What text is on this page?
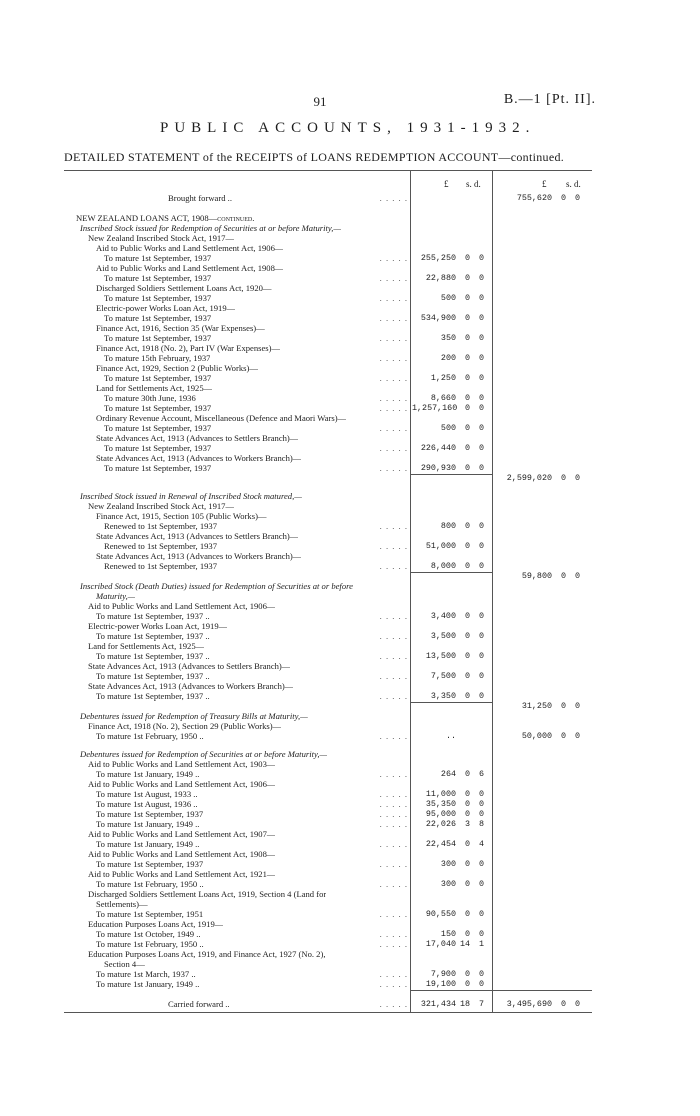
91	B.—1 [Pt. II].
PUBLIC ACCOUNTS, 1931-1932.
DETAILED STATEMENT of the RECEIPTS of LOANS REDEMPTION ACCOUNT—continued.
£ s. d.	£ s. d.
Brought forward ..	. . . . .	755,620 0 0
NEW ZEALAND LOANS ACT, 1908—continued.
Inscribed Stock issued for Redemption of Securities at or before Maturity,—
New Zealand Inscribed Stock Act, 1917—
Aid to Public Works and Land Settlement Act, 1906—
To mature 1st September, 1937	. . . . .	255,250 0 0
Aid to Public Works and Land Settlement Act, 1908—
To mature 1st September, 1937	. . . . .	22,880 0 0
Discharged Soldiers Settlement Loans Act, 1920—
To mature 1st September, 1937	. . . . .	500 0 0
Electric-power Works Loan Act, 1919—
To mature 1st September, 1937	. . . . .	534,900 0 0
Finance Act, 1916, Section 35 (War Expenses)—
To mature 1st September, 1937	. . . . .	350 0 0
Finance Act, 1918 (No. 2), Part IV (War Expenses)—
To mature 15th February, 1937	. . . . .	200 0 0
Finance Act, 1929, Section 2 (Public Works)—
To mature 1st September, 1937	. . . . .	1,250 0 0
Land for Settlements Act, 1925—
To mature 30th June, 1936	. . . . .	8,660 0 0
To mature 1st September, 1937	. . . . . 1,257,160 0 0
Ordinary Revenue Account, Miscellaneous (Defence and Maori Wars)—
To mature 1st September, 1937	. . . . .	500 0 0
State Advances Act, 1913 (Advances to Settlers Branch)—
To mature 1st September, 1937	. . . . .	226,440 0 0
State Advances Act, 1913 (Advances to Workers Branch)—
To mature 1st September, 1937	. . . . .	290,930 0 0
2,599,020 0 0
Inscribed Stock issued in Renewal of Inscribed Stock matured,—
New Zealand Inscribed Stock Act, 1917—
Finance Act, 1915, Section 105 (Public Works)—
Renewed to 1st September, 1937	. . . . .	800 0 0
State Advances Act, 1913 (Advances to Settlers Branch)—
Renewed to 1st September, 1937	. . . . .	51,000 0 0
State Advances Act, 1913 (Advances to Workers Branch)—
Renewed to 1st September, 1937	. . . . .	8,000 0 0
59,800 0 0
Inscribed Stock (Death Duties) issued for Redemption of Securities at or before
Maturity,—
Aid to Public Works and Land Settlement Act, 1906—
To mature 1st September, 1937 ..	. . . . .	3,400 0 0
Electric-power Works Loan Act, 1919—
To mature 1st September, 1937 ..	. . . . .	3,500 0 0
Land for Settlements Act, 1925—
To mature 1st September, 1937 ..	. . . . .	13,500 0 0
State Advances Act, 1913 (Advances to Settlers Branch)—
To mature 1st September, 1937 ..	. . . . .	7,500 0 0
State Advances Act, 1913 (Advances to Workers Branch)—
To mature 1st September, 1937 ..	. . . . .	3,350 0 0
31,250 0 0
Debentures issued for Redemption of Treasury Bills at Maturity,—
Finance Act, 1918 (No. 2), Section 29 (Public Works)—
To mature 1st February, 1950 ..	. . . . .	..	50,000 0 0
Debentures issued for Redemption of Securities at or before Maturity,—
Aid to Public Works and Land Settlement Act, 1903—
To mature 1st January, 1949 ..	. . . . .	264 0 6
Aid to Public Works and Land Settlement Act, 1906—
To mature 1st August, 1933 ..	. . . . .	11,000 0 0
To mature 1st August, 1936 ..	. . . . .	35,350 0 0
To mature 1st September, 1937	. . . . .	95,000 0 0
To mature 1st January, 1949 ..	. . . . .	22,026 3 8
Aid to Public Works and Land Settlement Act, 1907—
To mature 1st January, 1949 ..	. . . . .	22,454 0 4
Aid to Public Works and Land Settlement Act, 1908—
To mature 1st September, 1937	. . . . .	300 0 0
Aid to Public Works and Land Settlement Act, 1921—
To mature 1st February, 1950 ..	. . . . .	300 0 0
Discharged Soldiers Settlement Loans Act, 1919, Section 4 (Land for
Settlements)—
To mature 1st September, 1951	. . . . .	90,550 0 0
Education Purposes Loans Act, 1919—
To mature 1st October, 1949 ..	. . . . .	150 0 0
To mature 1st February, 1950 ..	. . . . .	17,040 14 1
Education Purposes Loans Act, 1919, and Finance Act, 1927 (No. 2),
Section 4—
To mature 1st March, 1937 ..	. . . . .	7,900 0 0
To mature 1st January, 1949 ..	. . . . .	19,100 0 0
Carried forward ..	. . . . .	321,434 18 7	3,495,690 0 0
